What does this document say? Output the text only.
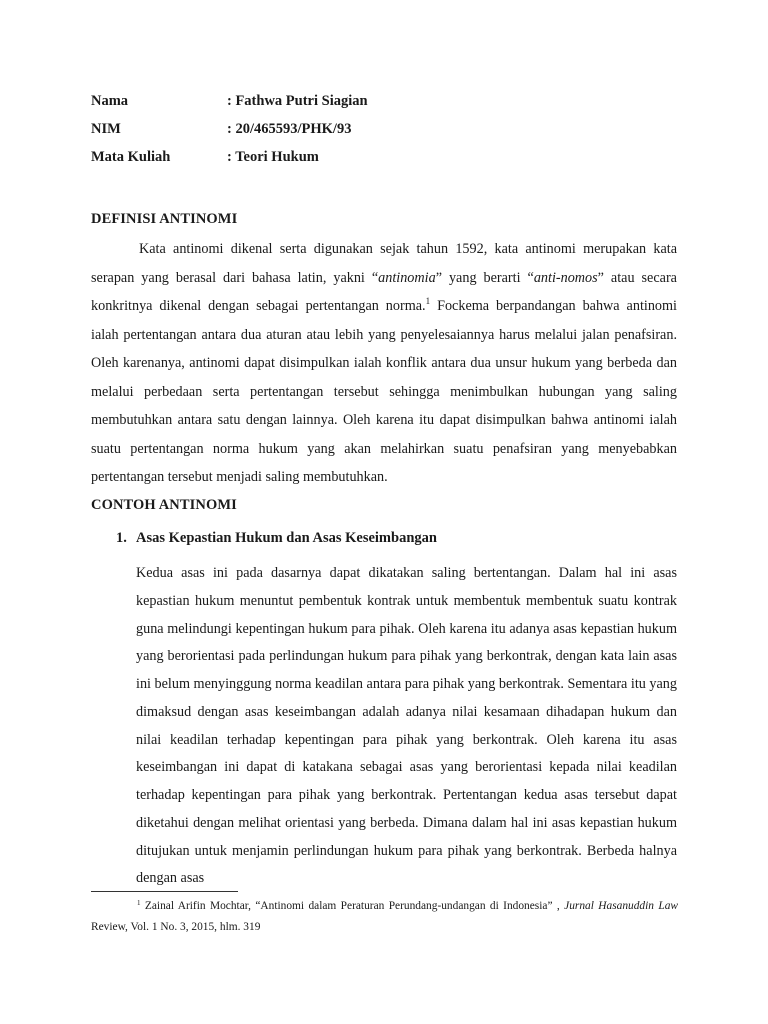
Nama	: Fathwa Putri Siagian
NIM	: 20/465593/PHK/93
Mata Kuliah	: Teori Hukum
DEFINISI ANTINOMI

Kata antinomi dikenal serta digunakan sejak tahun 1592, kata antinomi merupakan kata serapan yang berasal dari bahasa latin, yakni “antinomia” yang berarti “anti-nomos” atau secara konkritnya dikenal dengan sebagai pertentangan norma.$^1$ Fockema berpandangan bahwa antinomi ialah pertentangan antara dua aturan atau lebih yang penyelesaiannya harus melalui jalan penafsiran. Oleh karenanya, antinomi dapat disimpulkan ialah konflik antara dua unsur hukum yang berbeda dan melalui perbedaan serta pertentangan tersebut sehingga menimbulkan hubungan yang saling membutuhkan antara satu dengan lainnya. Oleh karena itu dapat disimpulkan bahwa antinomi ialah suatu pertentangan norma hukum yang akan melahirkan suatu penafsiran yang menyebabkan pertentangan tersebut menjadi saling membutuhkan.

CONTOH ANTINOMI
1. Asas Kepastian Hukum dan Asas Keseimbangan

Kedua asas ini pada dasarnya dapat dikatakan saling bertentangan. Dalam hal ini asas kepastian hukum menuntut pembentuk kontrak untuk membentuk membentuk suatu kontrak guna melindungi kepentingan hukum para pihak. Oleh karena itu adanya asas kepastian hukum yang berorientasi pada perlindungan hukum para pihak yang berkontrak, dengan kata lain asas ini belum menyinggung norma keadilan antara para pihak yang berkontrak. Sementara itu yang dimaksud dengan asas keseimbangan adalah adanya nilai kesamaan dihadapan hukum dan nilai keadilan terhadap kepentingan para pihak yang berkontrak. Oleh karena itu asas keseimbangan ini dapat di katakana sebagai asas yang berorientasi kepada nilai keadilan terhadap kepentingan para pihak yang berkontrak. Pertentangan kedua asas tersebut dapat diketahui dengan melihat orientasi yang berbeda. Dimana dalam hal ini asas kepastian hukum ditujukan untuk menjamin perlindungan hukum para pihak yang berkontrak. Berbeda halnya dengan asas

$^1$ Zainal Arifin Mochtar, “Antinomi dalam Peraturan Perundang-undangan di Indonesia” , Jurnal Hasanuddin Law Review, Vol. 1 No. 3, 2015, hlm. 319
